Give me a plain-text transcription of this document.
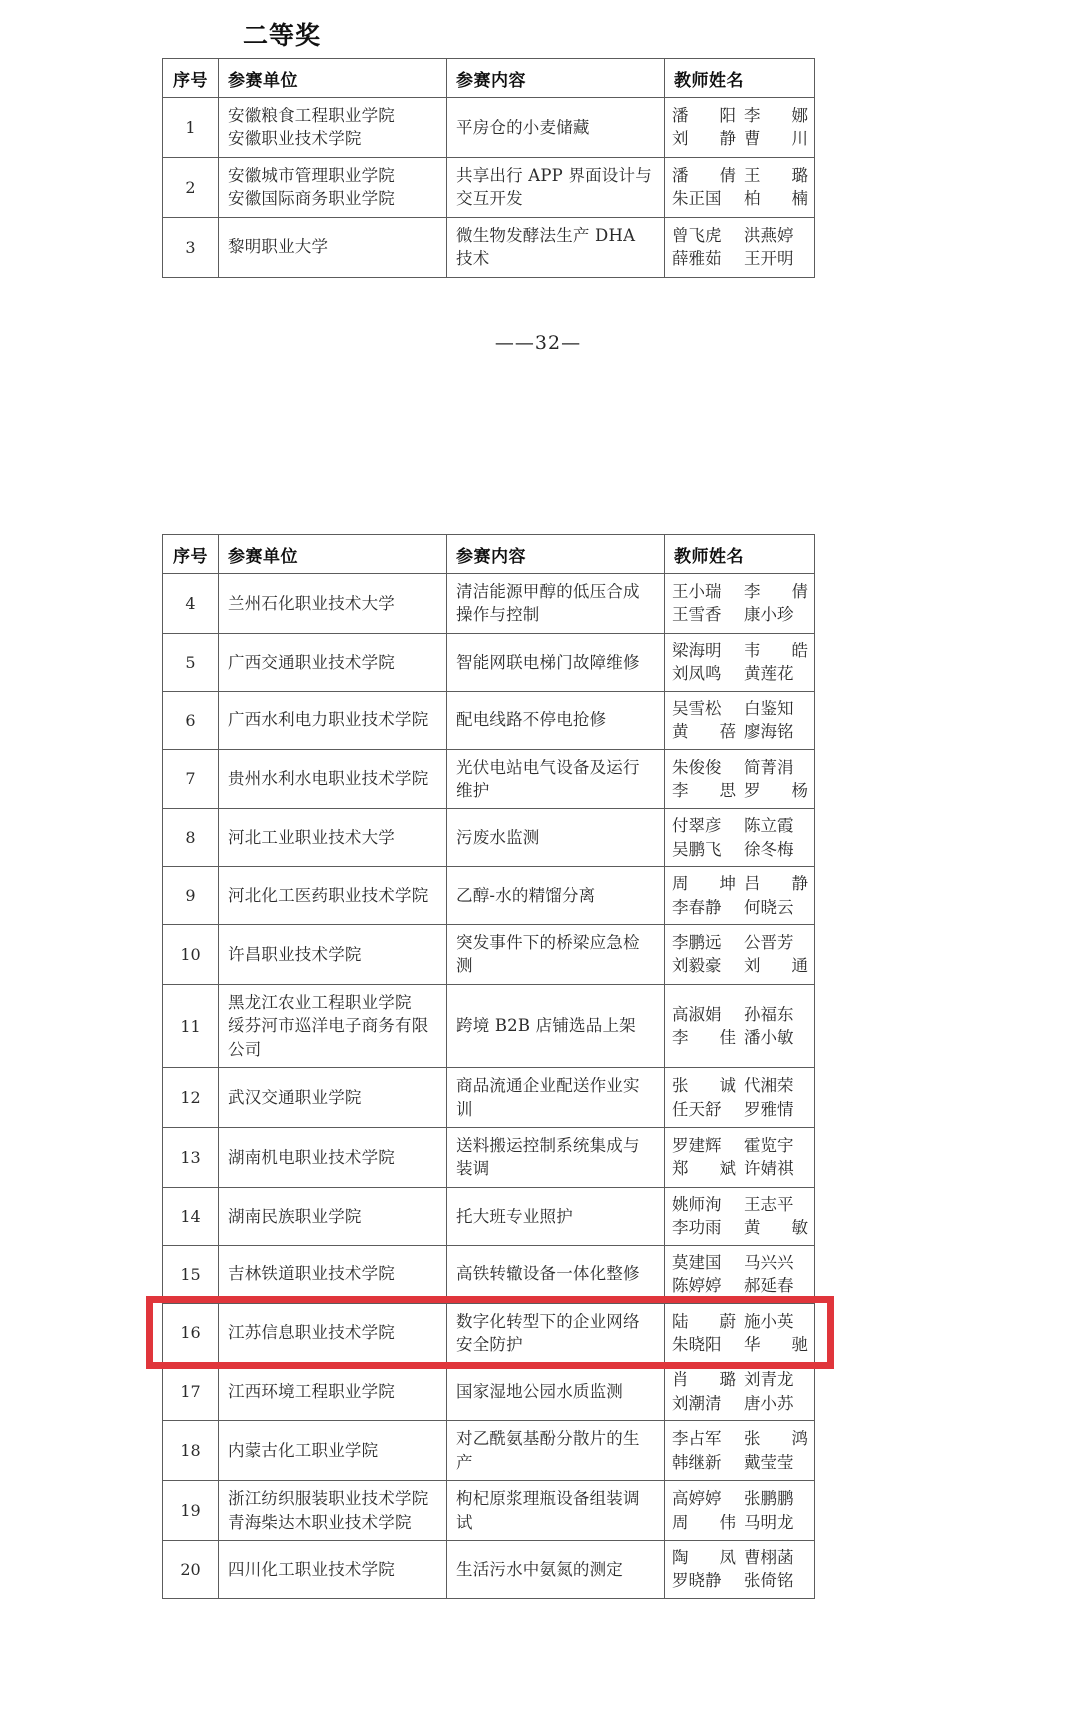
二等奖
序号	参赛单位	参赛内容	教师姓名
1	安徽粮食工程职业学院
安徽职业技术学院	平房仓的小麦储藏	
潘 阳 李 娜
刘 静 曹 川

2	安徽城市管理职业学院
安徽国际商务职业学院	共享出行 APP 界面设计与交互开发	
潘 倩 王 璐
朱正国 柏 楠

3	黎明职业大学	微生物发酵法生产 DHA 技术	曾飞虎 洪燕婷
薛雅茹 王开明
——32—
序号	参赛单位	参赛内容	教师姓名
4	兰州石化职业技术大学	清洁能源甲醇的低压合成操作与控制	王小瑞 李 倩
王雪香 康小珍

5	广西交通职业技术学院	智能网联电梯门故障维修	梁海明 韦 皓
刘凤鸣 黄莲花

6	广西水利电力职业技术学院	配电线路不停电抢修	吴雪松 白鉴知
黄 蓓 廖海铭

7	贵州水利水电职业技术学院	光伏电站电气设备及运行维护	
朱俊俊 简菁涓
李 思 罗 杨

8	河北工业职业技术大学	污废水监测	付翠彦 陈立霞
吴鹏飞 徐冬梅

9	河北化工医药职业技术学院	乙醇-水的精馏分离	
周 坤 吕 静
李春静 何晓云

10	许昌职业技术学院	突发事件下的桥梁应急检测	李鹏远 公晋芳
刘毅豪 刘 通

11	黑龙江农业工程职业学院
绥芬河市巡洋电子商务有限
公司	跨境 B2B 店铺选品上架	
高淑娟 孙福东
李 佳 潘小敏

12	武汉交通职业学院	商品流通企业配送作业实训	张 诚 代湘荣
任天舒 罗雅情

13	湖南机电职业技术学院	送料搬运控制系统集成与装调	罗建辉 霍览宇
郑 斌 许婧祺

14	湖南民族职业学院	托大班专业照护	姚师洵 王志平
李功雨 黄 敏

15	吉林铁道职业技术学院	高铁转辙设备一体化整修	莫建国 马兴兴
陈婷婷 郝延春

16	江苏信息职业技术学院	数字化转型下的企业网络安全防护	
陆 蔚 施小英
朱晓阳 华 驰

17	江西环境工程职业学院	国家湿地公园水质监测	肖 璐 刘青龙
刘潮清 唐小苏

18	内蒙古化工职业学院	对乙酰氨基酚分散片的生产	李占军 张 鸿
韩继新 戴莹莹

19	浙江纺织服装职业技术学院
青海柴达木职业技术学院	枸杞原浆理瓶设备组装调试	
高婷婷 张鹏鹏
周 伟 马明龙

20	四川化工职业技术学院	生活污水中氨氮的测定	陶 凤 曹栩菡
罗晓静 张倚铭
